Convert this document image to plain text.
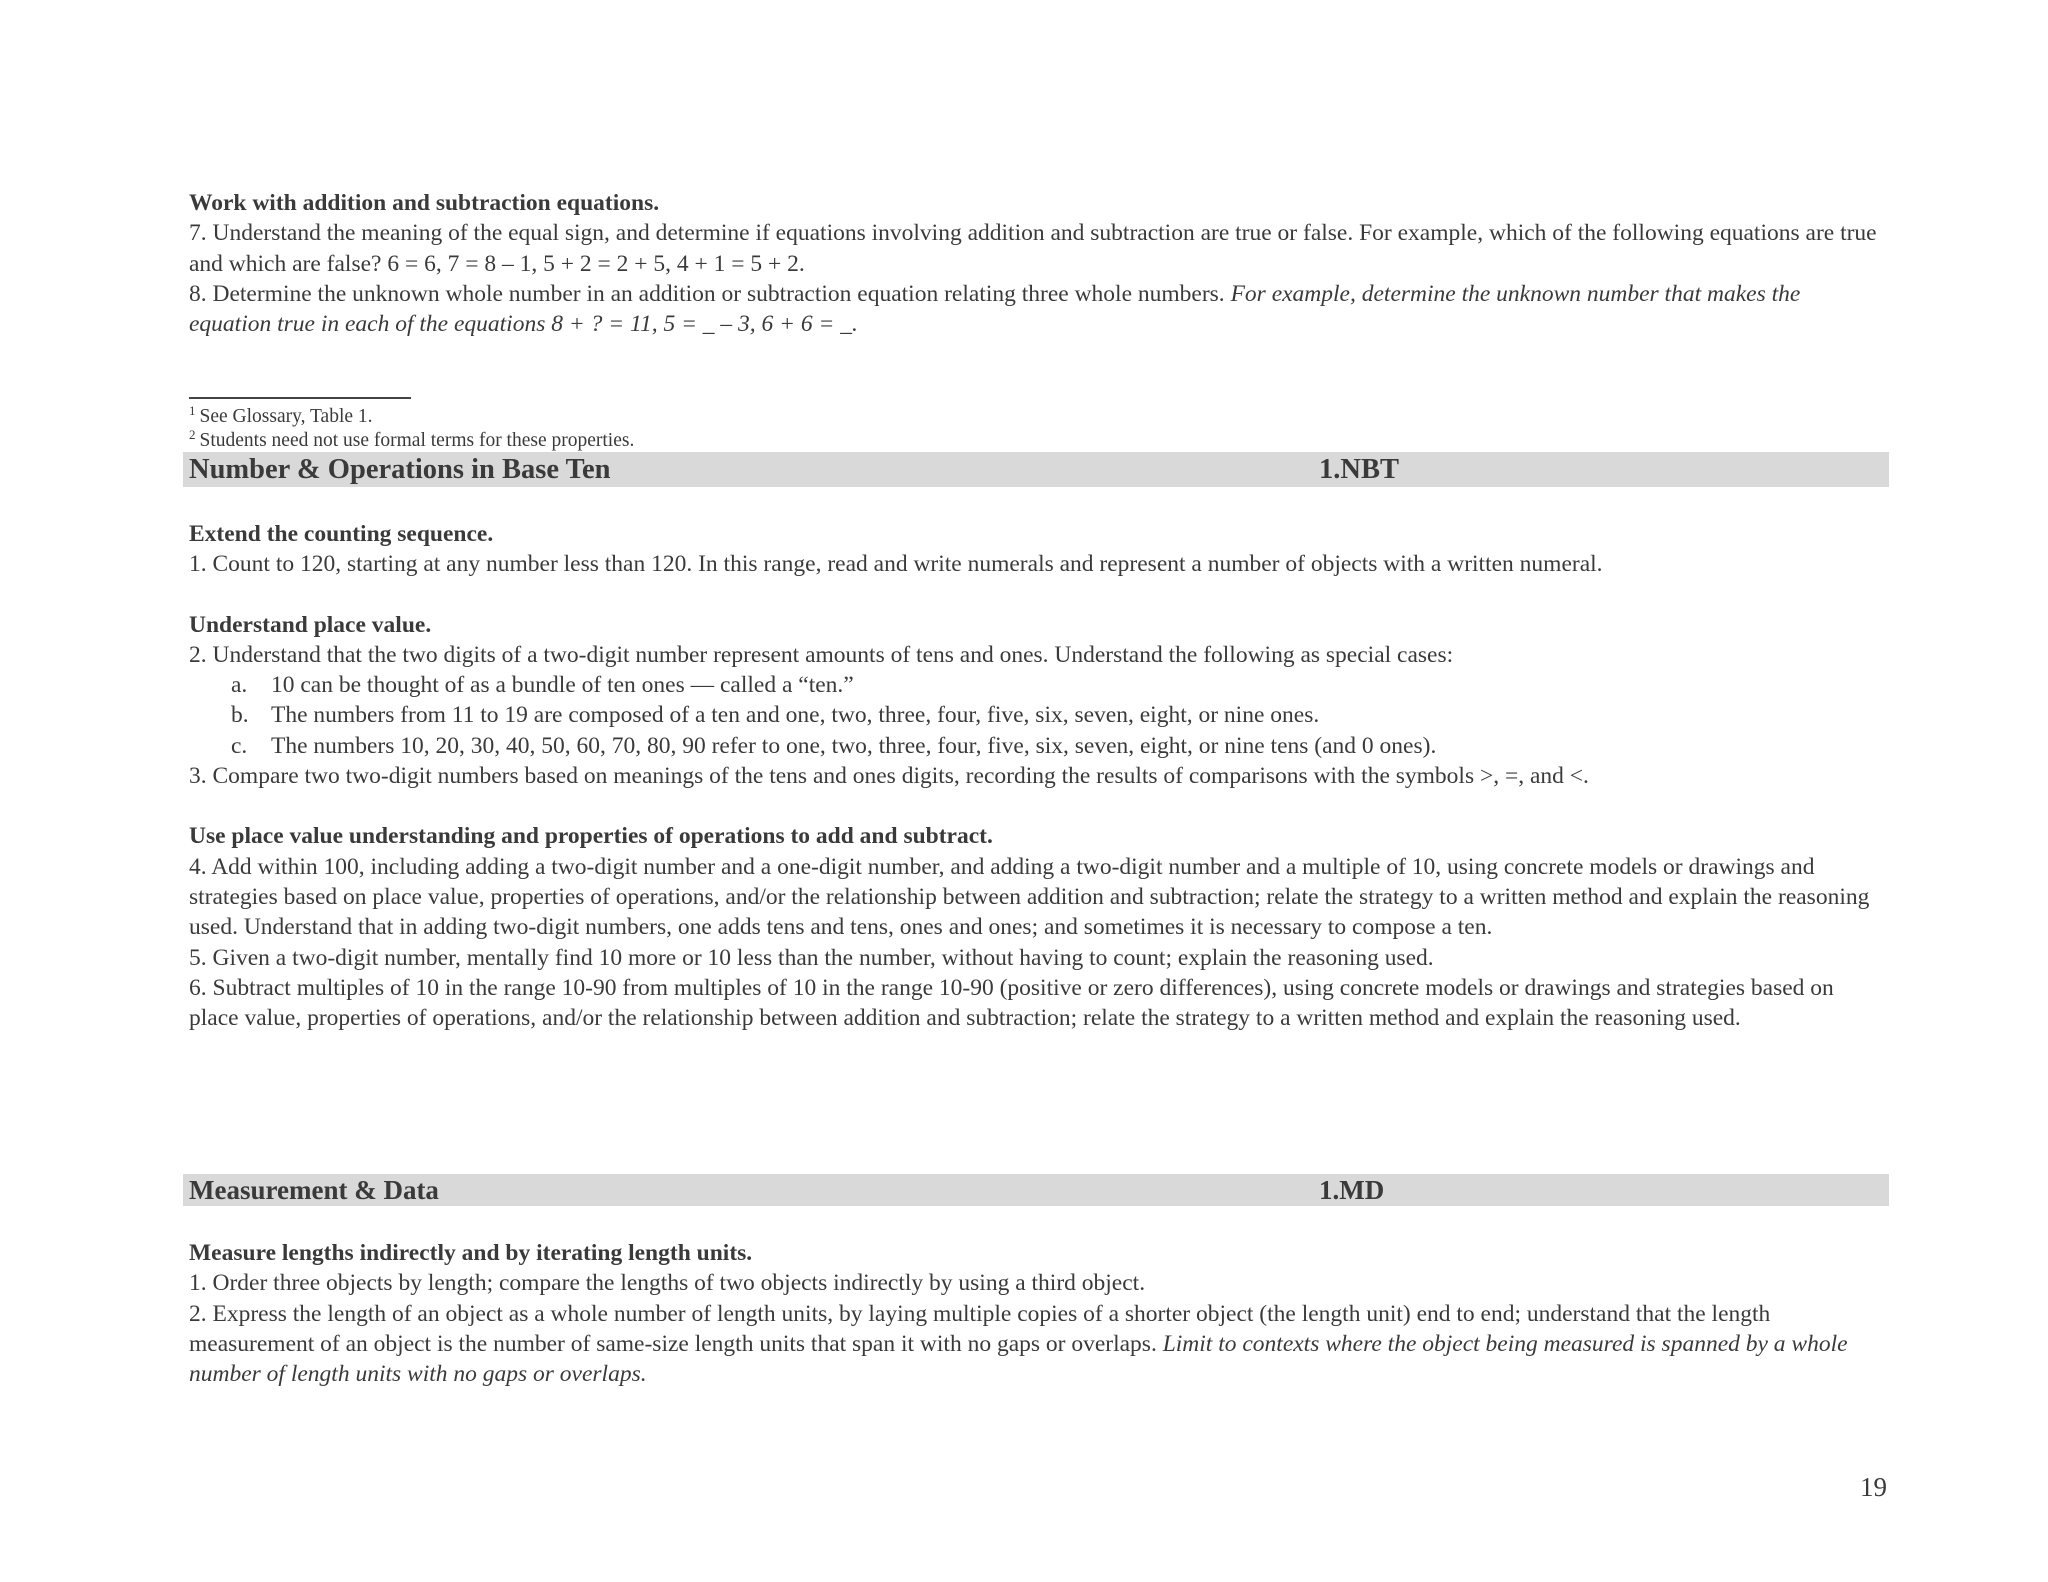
Work with addition and subtraction equations.

7. Understand the meaning of the equal sign, and determine if equations involving addition and subtraction are true or false. For example, which of the following equations are true and which are false? 6 = 6, 7 = 8 – 1, 5 + 2 = 2 + 5, 4 + 1 = 5 + 2.

8. Determine the unknown whole number in an addition or subtraction equation relating three whole numbers. For example, determine the unknown number that makes the equation true in each of the equations 8 + ? = 11, 5 = _ – 3, 6 + 6 = _.

$^1$ See Glossary, Table 1.
$^2$ Students need not use formal terms for these properties.
Number & Operations in Base Ten	1.NBT
Extend the counting sequence.

1. Count to 120, starting at any number less than 120. In this range, read and write numerals and represent a number of objects with a written numeral.

Understand place value.

2. Understand that the two digits of a two-digit number represent amounts of tens and ones. Understand the following as special cases:

a.	10 can be thought of as a bundle of ten ones — called a “ten.”
b. The numbers from 11 to 19 are composed of a ten and one, two, three, four, five, six, seven, eight, or nine ones.
c.	The numbers 10, 20, 30, 40, 50, 60, 70, 80, 90 refer to one, two, three, four, five, six, seven, eight, or nine tens (and 0 ones).

3. Compare two two-digit numbers based on meanings of the tens and ones digits, recording the results of comparisons with the symbols >, =, and <.

Use place value understanding and properties of operations to add and subtract.

4. Add within 100, including adding a two-digit number and a one-digit number, and adding a two-digit number and a multiple of 10, using concrete models or drawings and strategies based on place value, properties of operations, and/or the relationship between addition and subtraction; relate the strategy to a written method and explain the reasoning used. Understand that in adding two-digit numbers, one adds tens and tens, ones and ones; and sometimes it is necessary to compose a ten.

5. Given a two-digit number, mentally find 10 more or 10 less than the number, without having to count; explain the reasoning used.

6. Subtract multiples of 10 in the range 10-90 from multiples of 10 in the range 10-90 (positive or zero differences), using concrete models or drawings and strategies based on place value, properties of operations, and/or the relationship between addition and subtraction; relate the strategy to a written method and explain the reasoning used.

Measurement & Data	1.MD
Measure lengths indirectly and by iterating length units.

1. Order three objects by length; compare the lengths of two objects indirectly by using a third object.

2. Express the length of an object as a whole number of length units, by laying multiple copies of a shorter object (the length unit) end to end; understand that the length measurement of an object is the number of same-size length units that span it with no gaps or overlaps. Limit to contexts where the object being measured is spanned by a whole number of length units with no gaps or overlaps.

19
